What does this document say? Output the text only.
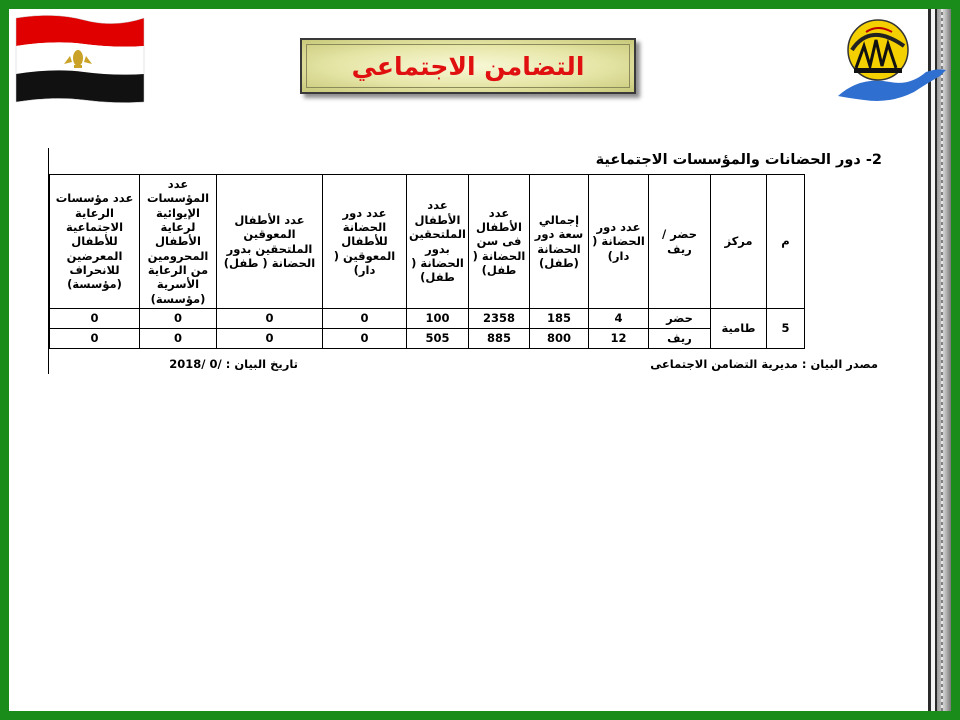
التضامن الاجتماعي
2- دور الحضانات والمؤسسات الاجتماعية
م	مركز	حضر /ريف	عدد دور الحضانة ( دار)	إجمالي سعة دور الحضانة (طفل)	عدد الأطفال فى سن الحضانة ( طفل)	عدد الأطفال الملتحقين بدور الحضانة ( طفل)	عدد دور الحضانة للأطفال المعوقين ( دار)	عدد الأطفال المعوقين الملتحقين بدور الحضانة ( طفل)	عدد المؤسسات الإيوائية لرعاية الأطفال المحرومين من الرعاية الأسرية (مؤسسة)	عدد مؤسسات الرعاية الاجتماعية للأطفال المعرضين للانحراف (مؤسسة)
5	طامية	حضر	4	185	2358	100	0	0	0	0
		ريف	12	800	885	505	0	0	0	0
مصدر البيان : مديرية التضامن الاجتماعى
تاريخ البيان : /0 /2018
